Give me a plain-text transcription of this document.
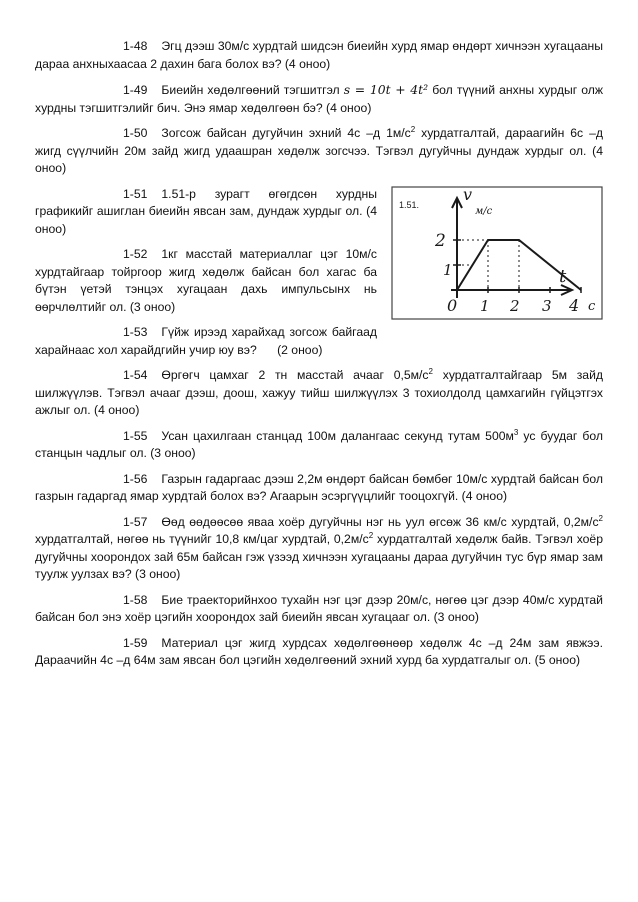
1-48 Эгц дээш 30м/с хурдтай шидсэн биеийн хурд ямар өндөрт хичнээн хугацааны дараа анхныхаасаа 2 дахин бага болох вэ? (4 оноо)

1-49 Биеийн хөдөлгөөний тэгшитгэл s = 10t + 4t² бол түүний анхны хурдыг олж хурдны тэгшитгэлийг бич. Энэ ямар хөдөлгөөн бэ? (4 оноо)

1-50 Зогсож байсан дугуйчин эхний 4с –д $1м/с^2$ хурдатгалтай, дараагийн 6с –д жигд сүүлчийн 20м зайд жигд удаашран хөдөлж зогсчээ. Тэгвэл дугуйчны дундаж хурдыг ол. (4 оноо)

1.51.
v
м/с
t
с
1
2
0 1 2 3 4

1-51 1.51-р зурагт өгөгдсөн хурдны графикийг ашиглан биеийн явсан зам, дундаж хурдыг ол. (4 оноо)

1-52 1кг масстай материаллаг цэг 10м/с хурдтайгаар тойргоор жигд хөдөлж байсан бол хагас ба бүтэн үетэй тэнцэх хугацаан дахь импульсынх нь өөрчлөлтийг ол. (3 оноо)

1-53 Гүйж ирээд харайхад зогсож байгаад харайнаас хол харайдгийн учир юу вэ? (2 оноо)

1-54 Өргөгч цамхаг 2 тн масстай ачааг $0,5м/с^2$ хурдатгалтайгаар 5м зайд шилжүүлэв. Тэгвэл ачааг дээш, доош, хажуу тийш шилжүүлэх 3 тохиолдолд цамхагийн гүйцэтгэх ажлыг ол. (4 оноо)

1-55 Усан цахилгаан станцад 100м далангаас секунд тутам $500м^3$ ус буудаг бол станцын чадлыг ол. (3 оноо)

1-56 Газрын гадаргаас дээш 2,2м өндөрт байсан бөмбөг 10м/с хурдтай байсан бол газрын гадаргад ямар хурдтай болох вэ? Агаарын эсэргүүцлийг тооцохгүй. (4 оноо)

1-57 Өөд өөдөөсөө яваа хоёр дугуйчны нэг нь уул өгсөж 36 км/с хурдтай, $0,2м/с^2$ хурдатгалтай, нөгөө нь түүнийг 10,8 км/цаг хурдтай, $0,2м/с^2$ хурдатгалтай хөдөлж байв. Тэгвэл хоёр дугуйчны хоорондох зай 65м байсан гэж үзээд хичнээн хугацааны дараа дугуйчин тус бүр ямар зам туулж уулзах вэ? (3 оноо)

1-58 Бие траекторийнхоо тухайн нэг цэг дээр 20м/с, нөгөө цэг дээр 40м/с хурдтай байсан бол энэ хоёр цэгийн хоорондох зай биеийн явсан хугацааг ол. (3 оноо)

1-59 Материал цэг жигд хурдсах хөдөлгөөнөөр хөдөлж 4с –д 24м зам явжээ. Дараачийн 4с –д 64м зам явсан бол цэгийн хөдөлгөөний эхний хурд ба хурдатгалыг ол. (5 оноо)
